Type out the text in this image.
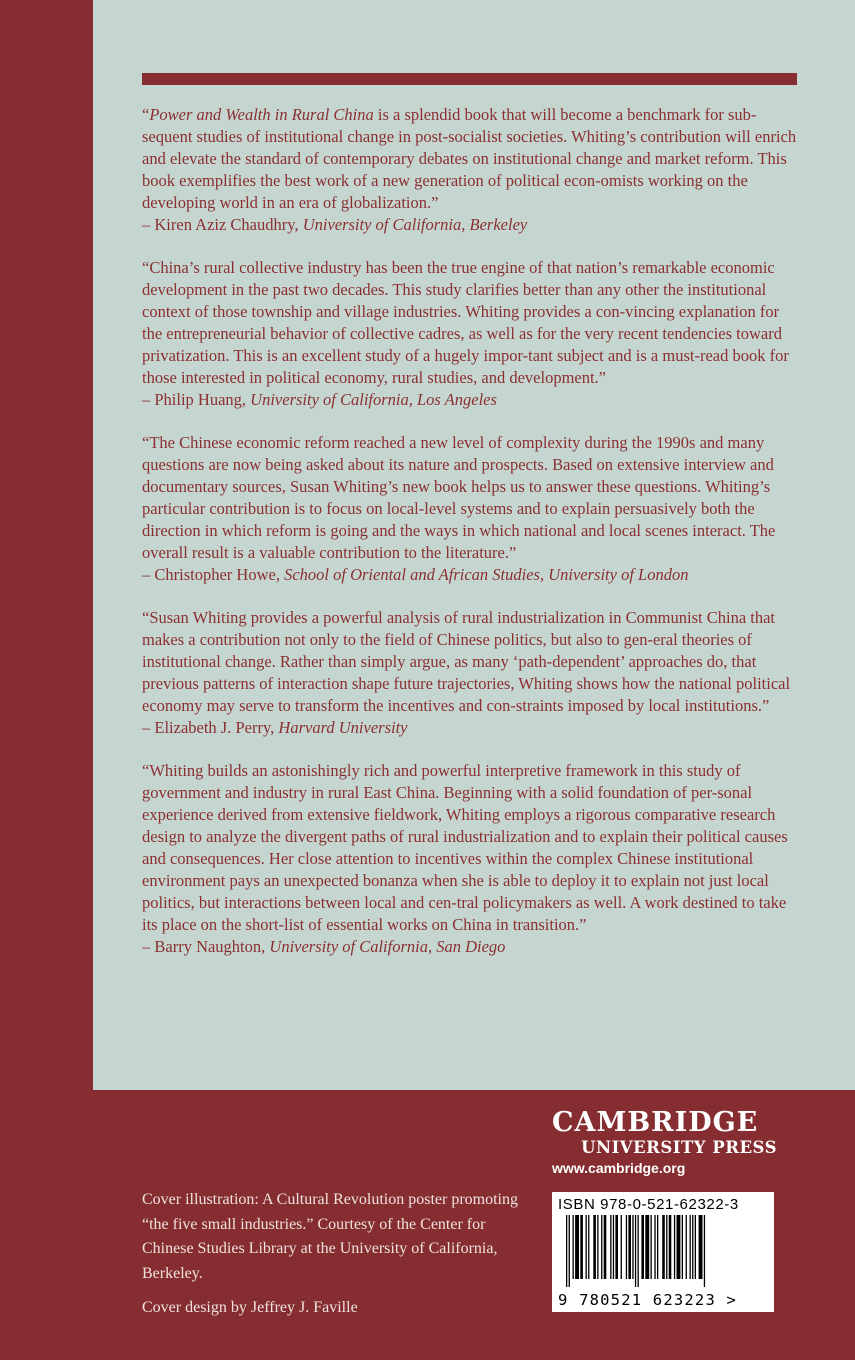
“Power and Wealth in Rural China is a splendid book that will become a benchmark for sub-sequent studies of institutional change in post-socialist societies. Whiting’s contribution will enrich and elevate the standard of contemporary debates on institutional change and market reform. This book exemplifies the best work of a new generation of political econ-omists working on the developing world in an era of globalization.”

– Kiren Aziz Chaudhry, University of California, Berkeley

“China’s rural collective industry has been the true engine of that nation’s remarkable economic development in the past two decades. This study clarifies better than any other the institutional context of those township and village industries. Whiting provides a con-vincing explanation for the entrepreneurial behavior of collective cadres, as well as for the very recent tendencies toward privatization. This is an excellent study of a hugely impor-tant subject and is a must-read book for those interested in political economy, rural studies, and development.”

– Philip Huang, University of California, Los Angeles

“The Chinese economic reform reached a new level of complexity during the 1990s and many questions are now being asked about its nature and prospects. Based on extensive interview and documentary sources, Susan Whiting’s new book helps us to answer these questions. Whiting’s particular contribution is to focus on local-level systems and to explain persuasively both the direction in which reform is going and the ways in which national and local scenes interact. The overall result is a valuable contribution to the literature.”

– Christopher Howe, School of Oriental and African Studies, University of London

“Susan Whiting provides a powerful analysis of rural industrialization in Communist China that makes a contribution not only to the field of Chinese politics, but also to gen-eral theories of institutional change. Rather than simply argue, as many ‘path-dependent’ approaches do, that previous patterns of interaction shape future trajectories, Whiting shows how the national political economy may serve to transform the incentives and con-straints imposed by local institutions.”

– Elizabeth J. Perry, Harvard University

“Whiting builds an astonishingly rich and powerful interpretive framework in this study of government and industry in rural East China. Beginning with a solid foundation of per-sonal experience derived from extensive fieldwork, Whiting employs a rigorous comparative research design to analyze the divergent paths of rural industrialization and to explain their political causes and consequences. Her close attention to incentives within the complex Chinese institutional environment pays an unexpected bonanza when she is able to deploy it to explain not just local politics, but interactions between local and cen-tral policymakers as well. A work destined to take its place on the short-list of essential works on China in transition.”

– Barry Naughton, University of California, San Diego

Cover illustration: A Cultural Revolution poster promoting “the five small industries.” Courtesy of the Center for Chinese Studies Library at the University of California, Berkeley.

Cover design by Jeffrey J. Faville

CAMBRIDGE
UNIVERSITY PRESS
www.cambridge.org
ISBN 978-0-521-62322-3
9 780521 623223 >
